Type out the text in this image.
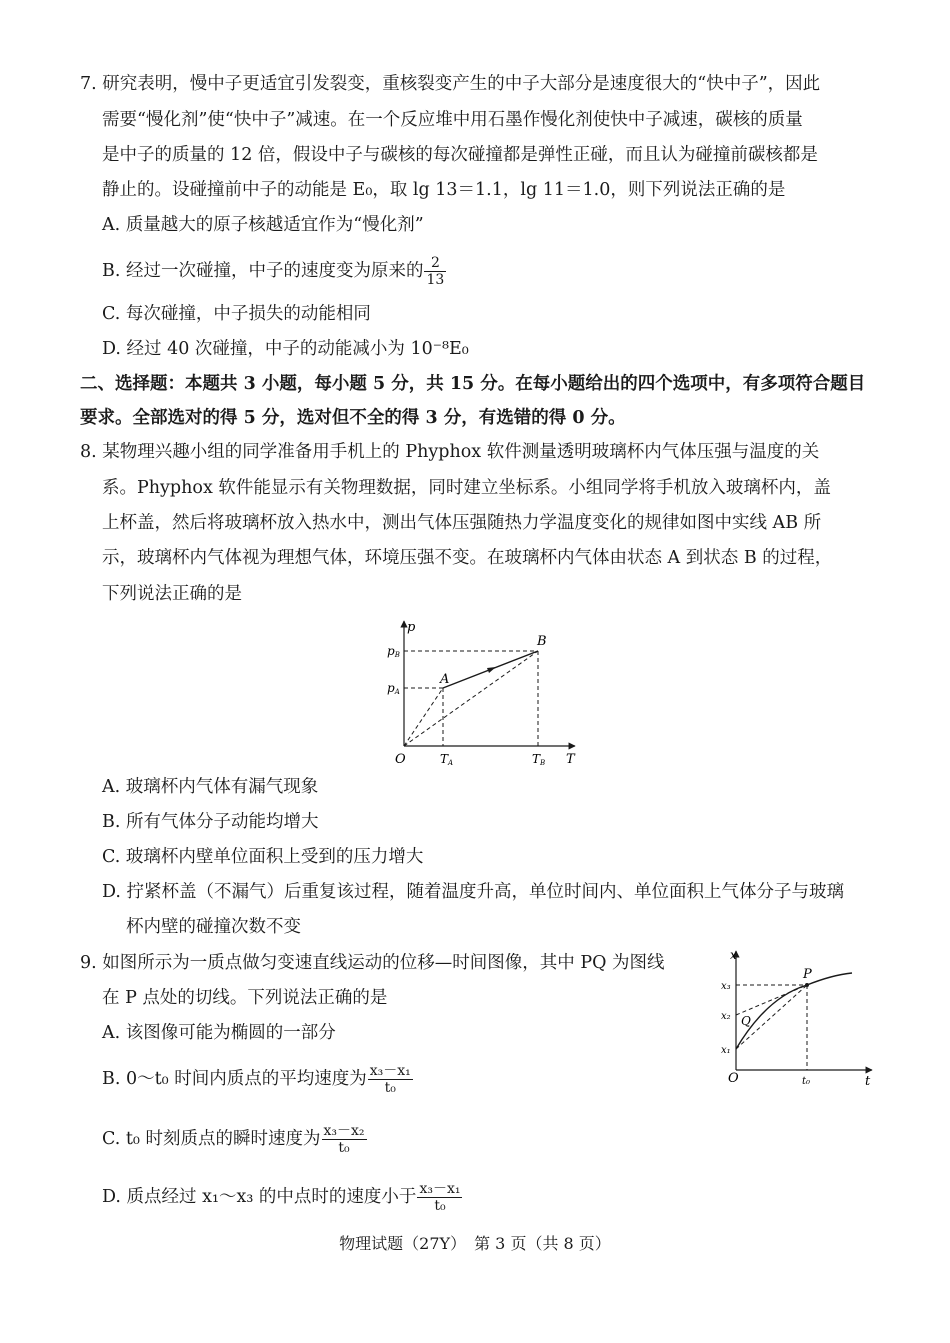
7. 研究表明，慢中子更适宜引发裂变，重核裂变产生的中子大部分是速度很大的“快中子”，因此
需要“慢化剂”使“快中子”减速。在一个反应堆中用石墨作慢化剂使快中子减速，碳核的质量
是中子的质量的 12 倍，假设中子与碳核的每次碰撞都是弹性正碰，而且认为碰撞前碳核都是
静止的。设碰撞前中子的动能是 E₀，取 lg 13＝1.1，lg 11＝1.0，则下列说法正确的是
A. 质量越大的原子核越适宜作为“慢化剂”
B. 经过一次碰撞，中子的速度变为原来的 $\frac{2}{13}$
C. 每次碰撞，中子损失的动能相同
D. 经过 40 次碰撞，中子的动能减小为 10⁻⁸E₀
二、选择题：本题共 3 小题，每小题 5 分，共 15 分。在每小题给出的四个选项中，有多项符合题目
要求。全部选对的得 5 分，选对但不全的得 3 分，有选错的得 0 分。
8. 某物理兴趣小组的同学准备用手机上的 Phyphox 软件测量透明玻璃杯内气体压强与温度的关
系。Phyphox 软件能显示有关物理数据，同时建立坐标系。小组同学将手机放入玻璃杯内，盖
上杯盖，然后将玻璃杯放入热水中，测出气体压强随热力学温度变化的规律如图中实线 AB 所
示，玻璃杯内气体视为理想气体，环境压强不变。在玻璃杯内气体由状态 A 到状态 B 的过程，
下列说法正确的是
p
T
O
pB
pA
TA	TB
A
B
A. 玻璃杯内气体有漏气现象
B. 所有气体分子动能均增大
C. 玻璃杯内壁单位面积上受到的压力增大
D. 拧紧杯盖（不漏气）后重复该过程，随着温度升高，单位时间内、单位面积上气体分子与玻璃
杯内壁的碰撞次数不变
9. 如图所示为一质点做匀变速直线运动的位移—时间图像，其中 PQ 为图线
在 P 点处的切线。下列说法正确的是
A. 该图像可能为椭圆的一部分
B. 0～t₀ 时间内质点的平均速度为 $\frac{\text{x₃－x₁}}{\text{t₀}}$
C. t₀ 时刻质点的瞬时速度为 $\frac{\text{x₃－x₂}}{\text{t₀}}$
D. 质点经过 x₁～x₃ 的中点时的速度小于 $\frac{\text{x₃－x₁}}{\text{t₀}}$
x
t
O
x₁
x₂
x₃
t₀
P
Q
物理试题（27Y）　第 3 页（共 8 页）
